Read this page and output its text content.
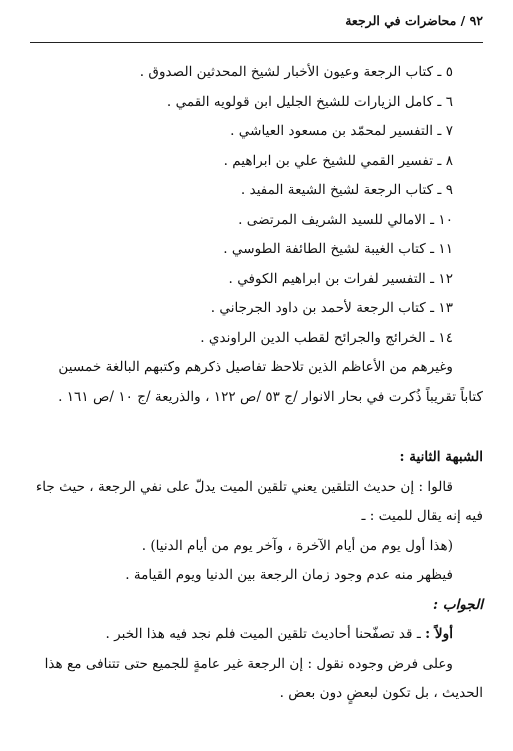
٩٢ / محاضرات في الرجعة
٥ ـ كتاب الرجعة وعيون الأخبار لشيخ المحدثين الصدوق .
٦ ـ كامل الزيارات للشيخ الجليل ابن قولويه القمي .
٧ ـ التفسير لمحمّد بن مسعود العياشي .
٨ ـ تفسير القمي للشيخ علي بن ابراهيم .
٩ ـ كتاب الرجعة لشيخ الشيعة المفيد .
١٠ ـ الامالي للسيد الشريف المرتضى .
١١ ـ كتاب الغيبة لشيخ الطائفة الطوسي .
١٢ ـ التفسير لفرات بن ابراهيم الكوفي .
١٣ ـ كتاب الرجعة لأحمد بن داود الجرجاني .
١٤ ـ الخرائج والجرائح لقطب الدين الراوندي .
وغيرهم من الأعاظم الذين تلاحظ تفاصيل ذكرهم وكتبهم البالغة خمسين
كتاباً تقريباً ذُكرت في بحار الانوار /ج ٥٣ /ص ١٢٢ ، والذريعة /ج ١٠ /ص ١٦١ .
الشبهة الثانية :
قالوا : إن حديث التلقين يعني تلقين الميت يدلّ على نفي الرجعة ، حيث جاء
فيه إنه يقال للميت : ـ
(هذا أول يوم من أيام الآخرة ، وآخر يوم من أيام الدنيا) .
فيظهر منه عدم وجود زمان الرجعة بين الدنيا ويوم القيامة .
الجواب :
أولاً : ـ قد تصفّحنا أحاديث تلقين الميت فلم نجد فيه هذا الخبر .
وعلى فرض وجوده نقول : إن الرجعة غير عامةٍ للجميع حتى تتنافى مع هذا
الحديث ، بل تكون لبعضٍ دون بعض .
